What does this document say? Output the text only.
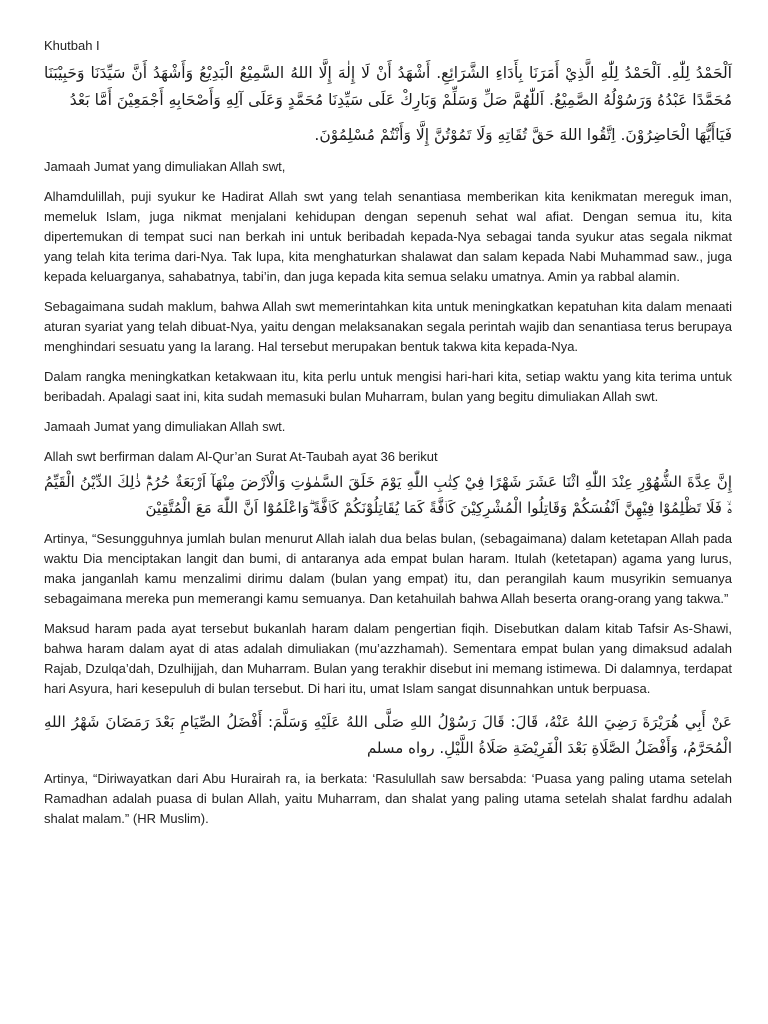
Khutbah I
اَلْحَمْدُ لِلّٰهِ. اَلْحَمْدُ لِلّٰهِ الَّذِيْ أَمَرَنَا بِأَدَاءِ الشَّرَائِعِ. أَشْهَدُ أَنْ لَا إِلٰهَ إِلَّا اللهُ السَّمِيْعُ الْبَدِيْعُ وَأَشْهَدُ أَنَّ سَيِّدَنَا وَحَبِيْبَنَا مُحَمَّدًا عَبْدُهُ وَرَسُوْلُهُ الصَّمِيْعُ. اَللّٰهُمَّ صَلِّ وَسَلِّمْ وَبَارِكْ عَلَى سَيِّدِنَا مُحَمَّدٍ وَعَلَى آلِهِ وَأَصْحَابِهِ أَجْمَعِيْنَ أَمَّا بَعْدُ
فَيَاأَيُّهَا الْحَاضِرُوْنَ. اِتَّقُوا اللهَ حَقَّ تُقَاتِهِ وَلَا تَمُوْتُنَّ إِلَّا وَأَنْتُمْ مُسْلِمُوْنَ.

Jamaah Jumat yang dimuliakan Allah swt,

Alhamdulillah, puji syukur ke Hadirat Allah swt yang telah senantiasa memberikan kita kenikmatan mereguk iman, memeluk Islam, juga nikmat menjalani kehidupan dengan sepenuh sehat wal afiat. Dengan semua itu, kita dipertemukan di tempat suci nan berkah ini untuk beribadah kepada-Nya sebagai tanda syukur atas segala nikmat yang telah kita terima dari-Nya. Tak lupa, kita menghaturkan shalawat dan salam kepada Nabi Muhammad saw., juga kepada keluarganya, sahabatnya, tabi’in, dan juga kepada kita semua selaku umatnya. Amin ya rabbal alamin.

Sebagaimana sudah maklum, bahwa Allah swt memerintahkan kita untuk meningkatkan kepatuhan kita dalam menaati aturan syariat yang telah dibuat-Nya, yaitu dengan melaksanakan segala perintah wajib dan senantiasa terus berupaya menghindari sesuatu yang Ia larang. Hal tersebut merupakan bentuk takwa kita kepada-Nya.

Dalam rangka meningkatkan ketakwaan itu, kita perlu untuk mengisi hari-hari kita, setiap waktu yang kita terima untuk beribadah. Apalagi saat ini, kita sudah memasuki bulan Muharram, bulan yang begitu dimuliakan Allah swt.

Jamaah Jumat yang dimuliakan Allah swt.

Allah swt berfirman dalam Al-Qur’an Surat At-Taubah ayat 36 berikut

إِنَّ عِدَّةَ الشُّهُوْرِ عِنْدَ اللّٰهِ اثْنَا عَشَرَ شَهْرًا فِيْ كِتٰبِ اللّٰهِ يَوْمَ خَلَقَ السَّمٰوٰتِ وَالْاَرْضَ مِنْهَآ اَرْبَعَةٌ حُرُمٌۗ ذٰلِكَ الدِّيْنُ الْقَيِّمُ ەۙ فَلَا تَظْلِمُوْا فِيْهِنَّ اَنْفُسَكُمْ وَقَاتِلُوا الْمُشْرِكِيْنَ كَاۤفَّةً كَمَا يُقَاتِلُوْنَكُمْ كَاۤفَّةً ۗوَاعْلَمُوْٓا اَنَّ اللّٰهَ مَعَ الْمُتَّقِيْنَ

Artinya, “Sesungguhnya jumlah bulan menurut Allah ialah dua belas bulan, (sebagaimana) dalam ketetapan Allah pada waktu Dia menciptakan langit dan bumi, di antaranya ada empat bulan haram. Itulah (ketetapan) agama yang lurus, maka janganlah kamu menzalimi dirimu dalam (bulan yang empat) itu, dan perangilah kaum musyrikin semuanya sebagaimana mereka pun memerangi kamu semuanya. Dan ketahuilah bahwa Allah beserta orang-orang yang takwa.”

Maksud haram pada ayat tersebut bukanlah haram dalam pengertian fiqih. Disebutkan dalam kitab Tafsir As-Shawi, bahwa haram dalam ayat di atas adalah dimuliakan (mu’azzhamah). Sementara empat bulan yang dimaksud adalah Rajab, Dzulqa’dah, Dzulhijjah, dan Muharram. Bulan yang terakhir disebut ini memang istimewa. Di dalamnya, terdapat hari Asyura, hari kesepuluh di bulan tersebut. Di hari itu, umat Islam sangat disunnahkan untuk berpuasa.

عَنْ أَبِي هُرَيْرَةَ رَضِيَ اللهُ عَنْهُ، قَالَ: قَالَ رَسُوْلُ اللهِ صَلَّى اللهُ عَلَيْهِ وَسَلَّمَ: أَفْضَلُ الصِّيَامِ بَعْدَ رَمَضَانَ شَهْرُ اللهِ الْمُحَرَّمُ، وَأَفْضَلُ الصَّلَاةِ بَعْدَ الْفَرِيْضَةِ صَلَاةُ اللَّيْلِ. رواه مسلم

Artinya, “Diriwayatkan dari Abu Hurairah ra, ia berkata: ‘Rasulullah saw bersabda: ‘Puasa yang paling utama setelah Ramadhan adalah puasa di bulan Allah, yaitu Muharram, dan shalat yang paling utama setelah shalat fardhu adalah shalat malam.” (HR Muslim).
